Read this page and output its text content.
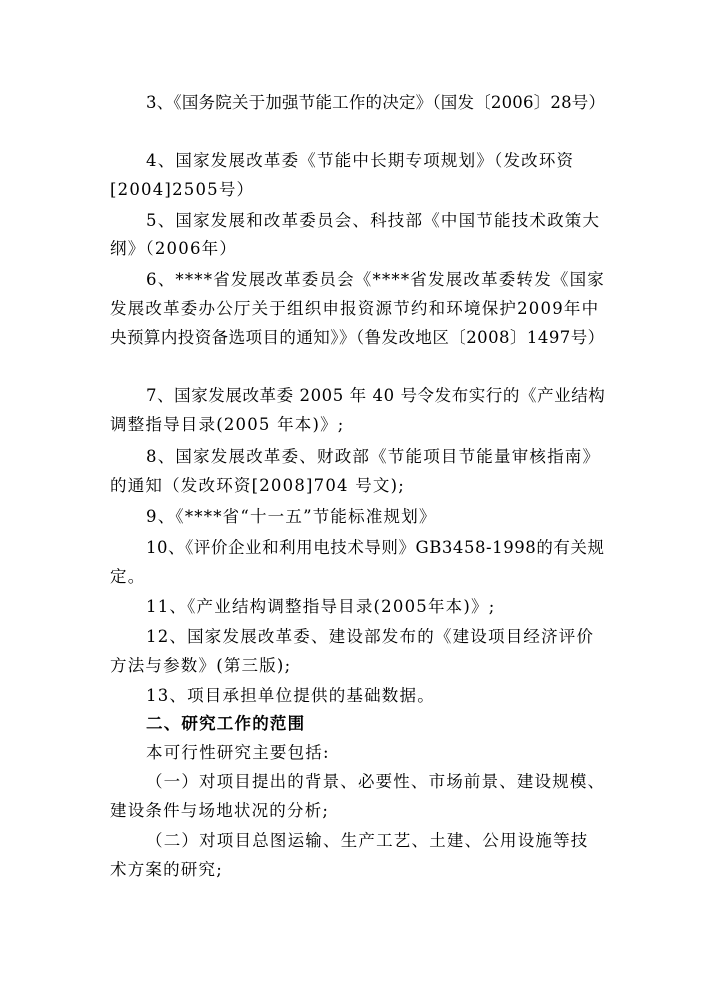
3、《国务院关于加强节能工作的决定》（国发〔2006〕28号）
4、国家发展改革委《节能中长期专项规划》（发改环资
[2004]2505号）
5、国家发展和改革委员会、科技部《中国节能技术政策大
纲》（2006年）
6、****省发展改革委员会《****省发展改革委转发《国家
发展改革委办公厅关于组织申报资源节约和环境保护2009年中
央预算内投资备选项目的通知》》（鲁发改地区〔2008〕1497号）
7、国家发展改革委 2005 年 40 号令发布实行的《产业结构
调整指导目录(2005 年本)》;
8、国家发展改革委、财政部《节能项目节能量审核指南》
的通知（发改环资[2008]704 号文);
9、《****省“十一五”节能标准规划》
10、《评价企业和利用电技术导则》GB3458-1998的有关规
定。
11、《产业结构调整指导目录(2005年本)》;
12、国家发展改革委、建设部发布的《建设项目经济评价
方法与参数》(第三版);
13、项目承担单位提供的基础数据。
二、研究工作的范围
本可行性研究主要包括:
（一）对项目提出的背景、必要性、市场前景、建设规模、
建设条件与场地状况的分析;
（二）对项目总图运输、生产工艺、土建、公用设施等技
术方案的研究;
